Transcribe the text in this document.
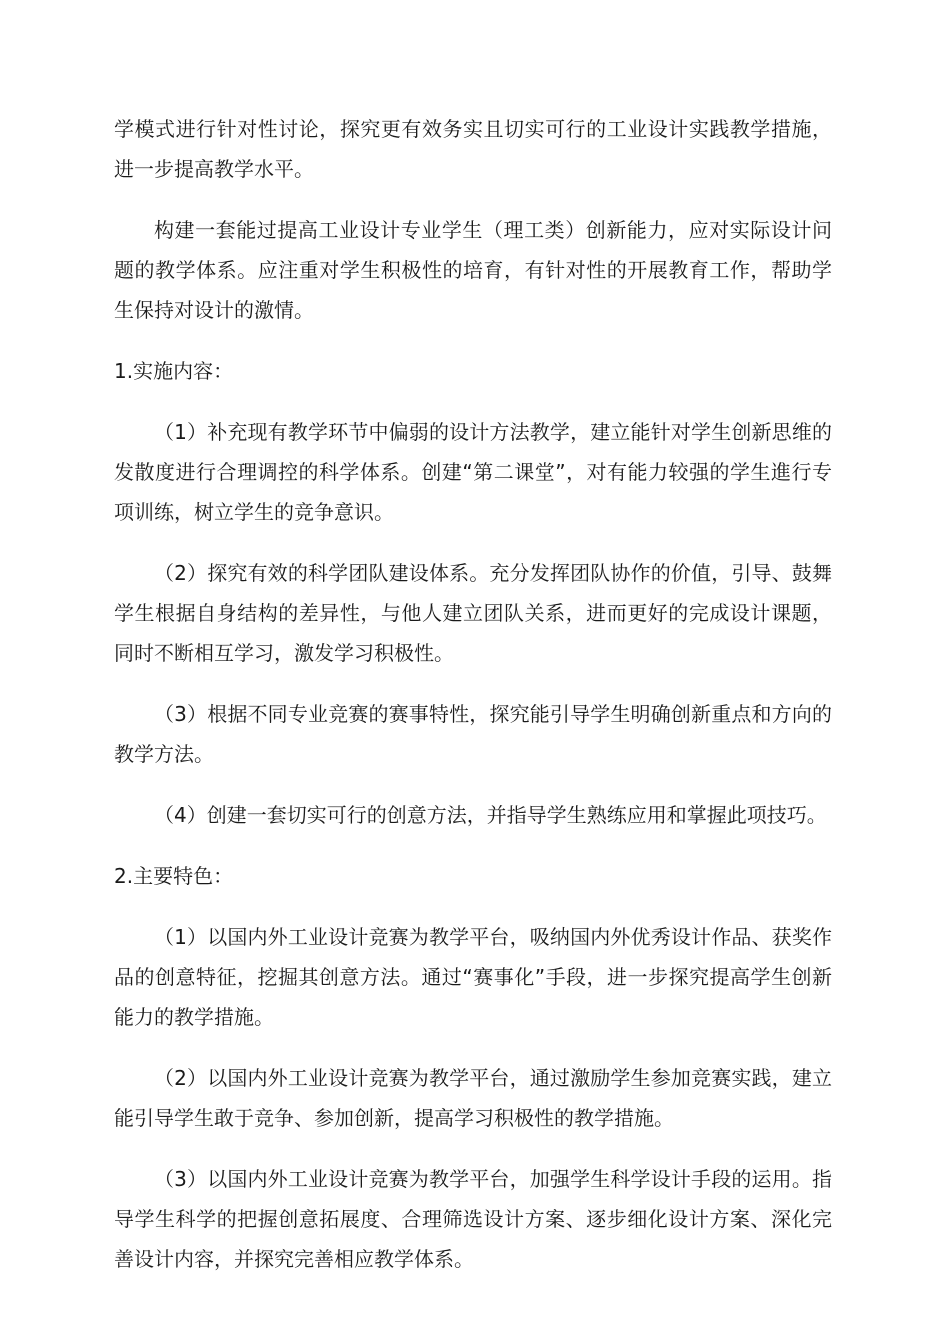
学模式进行针对性讨论，探究更有效务实且切实可行的工业设计实践教学措施，进一步提高教学水平。

构建一套能过提高工业设计专业学生（理工类）创新能力，应对实际设计问题的教学体系。应注重对学生积极性的培育，有针对性的开展教育工作，帮助学生保持对设计的激情。

1.实施内容：

（1）补充现有教学环节中偏弱的设计方法教学，建立能针对学生创新思维的发散度进行合理调控的科学体系。创建“第二课堂”，对有能力较强的学生進行专项训练，树立学生的竞争意识。

（2）探究有效的科学团队建设体系。充分发挥团队协作的价值，引导、鼓舞学生根据自身结构的差异性，与他人建立团队关系，进而更好的完成设计课题，同时不断相互学习，激发学习积极性。

（3）根据不同专业竞赛的赛事特性，探究能引导学生明确创新重点和方向的教学方法。

（4）创建一套切实可行的创意方法，并指导学生熟练应用和掌握此项技巧。

2.主要特色：

（1）以国内外工业设计竞赛为教学平台，吸纳国内外优秀设计作品、获奖作品的创意特征，挖掘其创意方法。通过“赛事化”手段，进一步探究提高学生创新能力的教学措施。

（2）以国内外工业设计竞赛为教学平台，通过激励学生参加竞赛实践，建立能引导学生敢于竞争、参加创新，提高学习积极性的教学措施。

（3）以国内外工业设计竞赛为教学平台，加强学生科学设计手段的运用。指导学生科学的把握创意拓展度、合理筛选设计方案、逐步细化设计方案、深化完善设计内容，并探究完善相应教学体系。
